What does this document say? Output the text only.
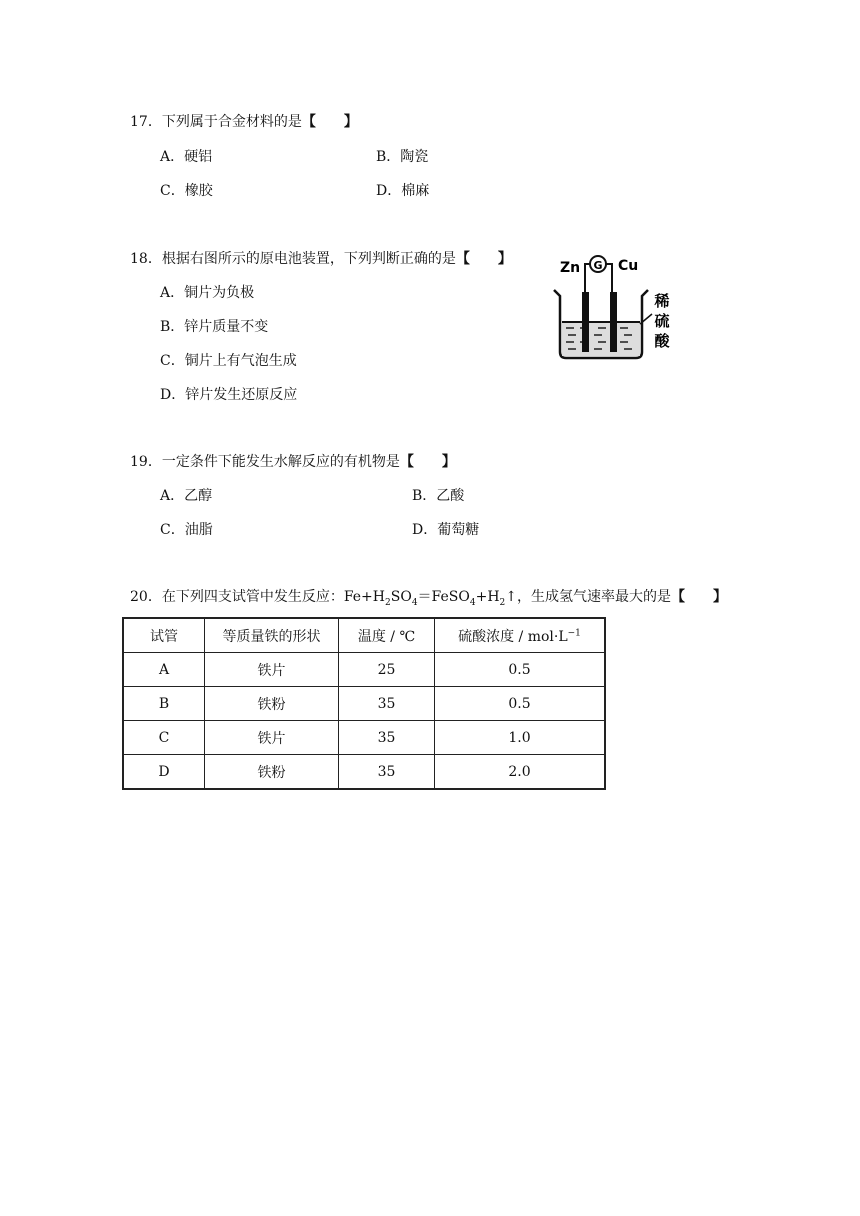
17．下列属于合金材料的是【　　】
A．硬铝	B．陶瓷
C．橡胶	D．棉麻
18．根据右图所示的原电池装置，下列判断正确的是【　　】
A．铜片为负极
B．锌片质量不变
C．铜片上有气泡生成
D．锌片发生还原反应
Zn	Cu
G
稀
硫
酸
19．一定条件下能发生水解反应的有机物是【　　】
A．乙醇	B．乙酸
C．油脂	D．葡萄糖
20．在下列四支试管中发生反应：$Fe+H_2SO_4=FeSO_4+H_2↑$，生成氢气速率最大的是【　　】
试管	等质量铁的形状	温度 / ℃	硫酸浓度 / $mol\cdot L^{-1}$
A	铁片	25	0.5
B	铁粉	35	0.5
C	铁片	35	1.0
D	铁粉	35	2.0
